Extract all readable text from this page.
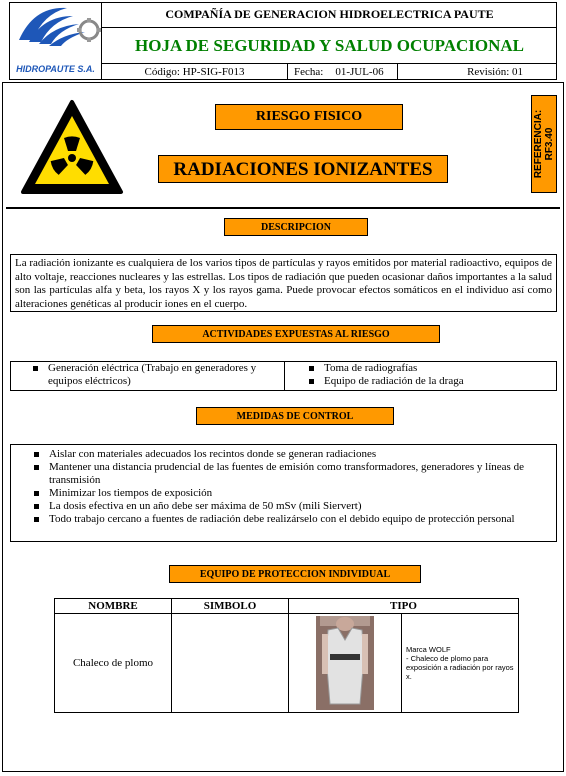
HIDROPAUTE S.A.
COMPAÑÍA DE GENERACION HIDROELECTRICA PAUTE
HOJA DE SEGURIDAD Y SALUD OCUPACIONAL
Código: HP-SIG-F013	Fecha: 01-JUL-06	Revisión: 01
RIESGO FISICO
RADIACIONES IONIZANTES	REFERENCIA: RF3.40
DESCRIPCION
La radiación ionizante es cualquiera de los varios tipos de partículas y rayos emitidos por material radioactivo, equipos de alto voltaje, reacciones nucleares y las estrellas. Los tipos de radiación que pueden ocasionar daños importantes a la salud son las partículas alfa y beta, los rayos X y los rayos gama. Puede provocar efectos somáticos en el individuo así como alteraciones genéticas al producir iones en el cuerpo.
ACTIVIDADES EXPUESTAS AL RIESGO
Generación eléctrica (Trabajo en generadores y equipos eléctricos)
Toma de radiografías
Equipo de radiación de la draga
MEDIDAS DE CONTROL
Aislar con materiales adecuados los recintos donde se generan radiaciones
Mantener una distancia prudencial de las fuentes de emisión como transformadores, generadores y líneas de transmisión
Minimizar los tiempos de exposición
La dosis efectiva en un año debe ser máxima de 50 mSv (mili Siervert)
Todo trabajo cercano a fuentes de radiación debe realizárselo con el debido equipo de protección personal
EQUIPO DE PROTECCION INDIVIDUAL
NOMBRE	SIMBOLO	TIPO	
Chaleco de plomo			Marca WOLF
- Chaleco de plomo para exposición a radiación por rayos x.
